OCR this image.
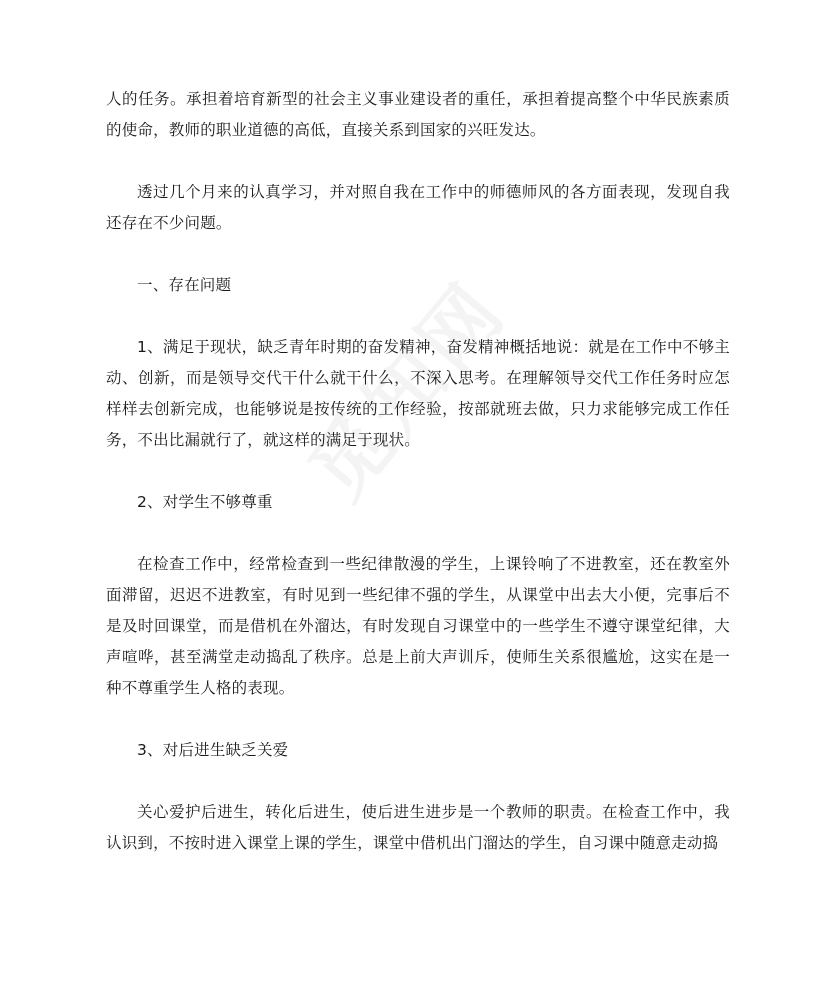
人的任务。承担着培育新型的社会主义事业建设者的重任，承担着提高整个中华民族素质的使命，教师的职业道德的高低，直接关系到国家的兴旺发达。

透过几个月来的认真学习，并对照自我在工作中的师德师风的各方面表现，发现自我还存在不少问题。

一、存在问题

1、满足于现状，缺乏青年时期的奋发精神，奋发精神概括地说：就是在工作中不够主动、创新，而是领导交代干什么就干什么，不深入思考。在理解领导交代工作任务时应怎样样去创新完成，也能够说是按传统的工作经验，按部就班去做，只力求能够完成工作任务，不出比漏就行了，就这样的满足于现状。

2、对学生不够尊重

在检查工作中，经常检查到一些纪律散漫的学生，上课铃响了不进教室，还在教室外面滞留，迟迟不进教室，有时见到一些纪律不强的学生，从课堂中出去大小便，完事后不是及时回课堂，而是借机在外溜达，有时发现自习课堂中的一些学生不遵守课堂纪律，大声喧哗，甚至满堂走动捣乱了秩序。总是上前大声训斥，使师生关系很尴尬，这实在是一种不尊重学生人格的表现。

3、对后进生缺乏关爱

关心爱护后进生，转化后进生，使后进生进步是一个教师的职责。在检查工作中，我认识到，不按时进入课堂上课的学生，课堂中借机出门溜达的学生，自习课中随意走动捣
